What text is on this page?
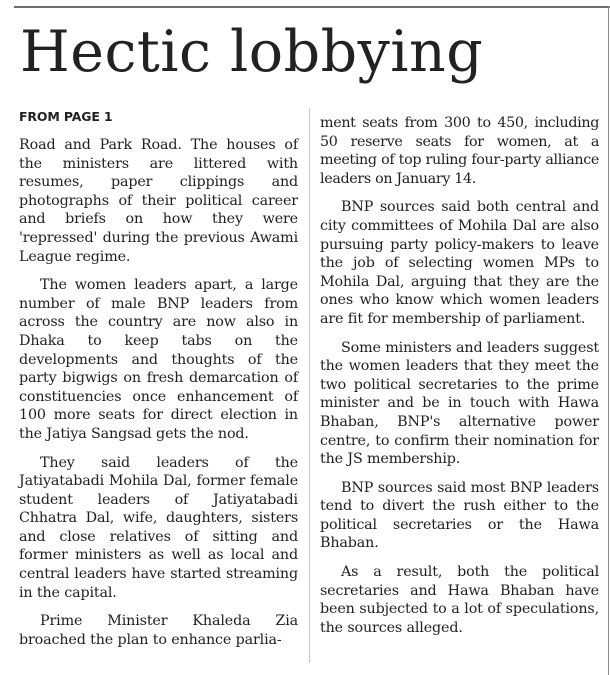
Hectic lobbying

FROM PAGE 1

Road and Park Road. The houses of the ministers are littered with resumes, paper clippings and photographs of their political career and briefs on how they were 'repressed' during the previous Awami League regime.

The women leaders apart, a large number of male BNP leaders from across the country are now also in Dhaka to keep tabs on the developments and thoughts of the party bigwigs on fresh demarcation of constituencies once enhancement of 100 more seats for direct election in the Jatiya Sangsad gets the nod.

They said leaders of the Jatiyatabadi Mohila Dal, former female student leaders of Jatiyatabadi Chhatra Dal, wife, daughters, sisters and close relatives of sitting and former ministers as well as local and central leaders have started streaming in the capital.

Prime Minister Khaleda Zia broached the plan to enhance parlia-

ment seats from 300 to 450, including 50 reserve seats for women, at a meeting of top ruling four-party alliance leaders on January 14.

BNP sources said both central and city committees of Mohila Dal are also pursuing party policy-makers to leave the job of selecting women MPs to Mohila Dal, arguing that they are the ones who know which women leaders are fit for membership of parliament.

Some ministers and leaders suggest the women leaders that they meet the two political secretaries to the prime minister and be in touch with Hawa Bhaban, BNP's alternative power centre, to confirm their nomination for the JS membership.

BNP sources said most BNP leaders tend to divert the rush either to the political secretaries or the Hawa Bhaban.

As a result, both the political secretaries and Hawa Bhaban have been subjected to a lot of speculations, the sources alleged.
